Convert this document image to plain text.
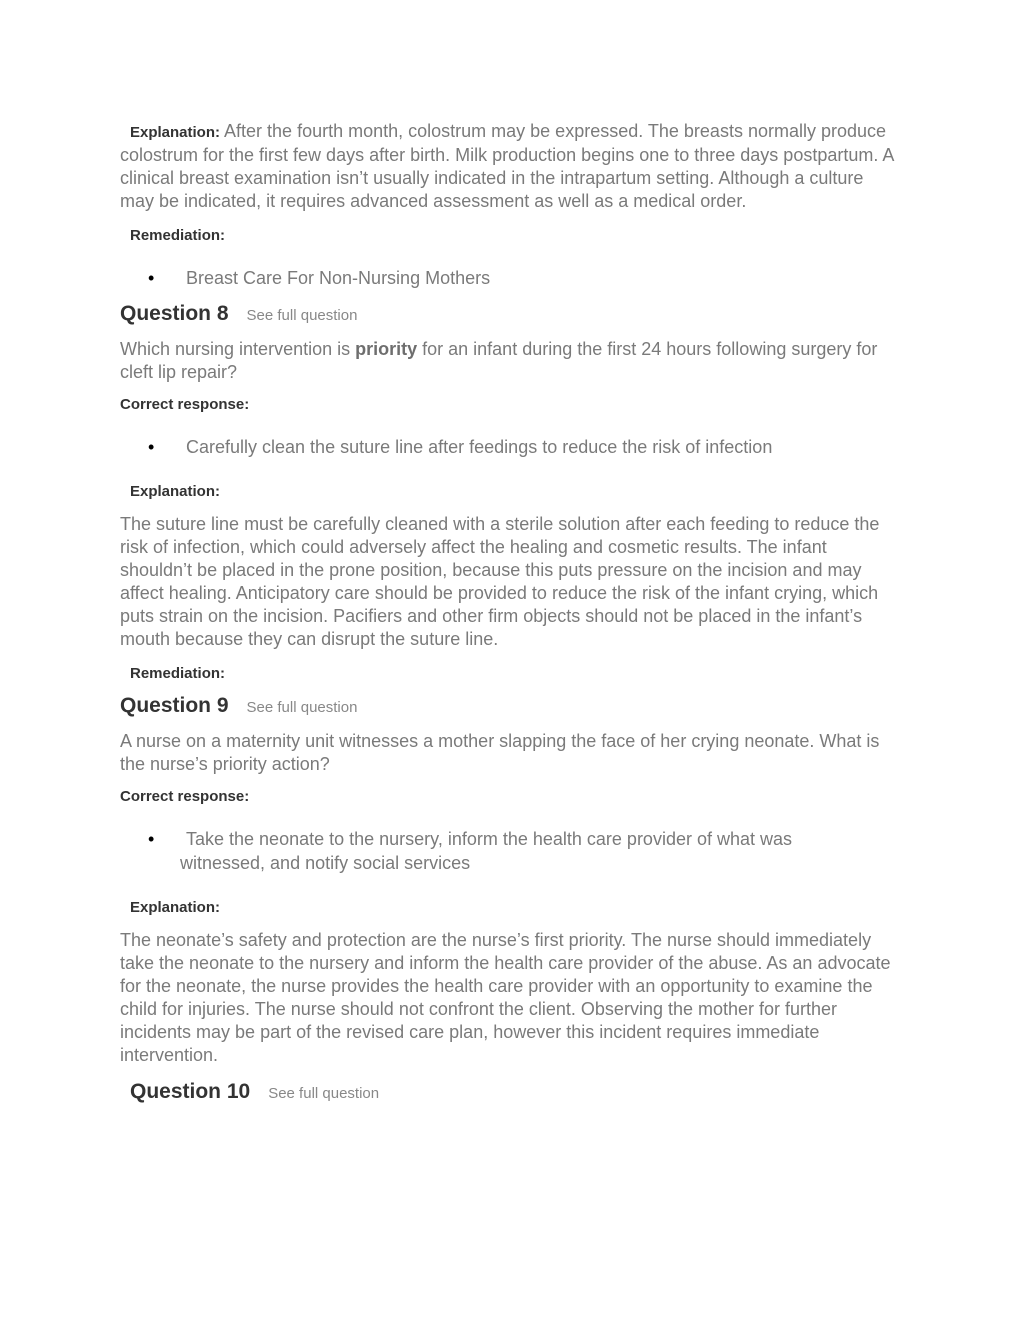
Explanation: After the fourth month, colostrum may be expressed. The breasts normally produce colostrum for the first few days after birth. Milk production begins one to three days postpartum. A clinical breast examination isn’t usually indicated in the intrapartum setting. Although a culture may be indicated, it requires advanced assessment as well as a medical order.

Remediation:
• Breast Care For Non-Nursing Mothers
Question 8 See full question

Which nursing intervention is priority for an infant during the first 24 hours following surgery for cleft lip repair?

Correct response:
• Carefully clean the suture line after feedings to reduce the risk of infection
Explanation:

The suture line must be carefully cleaned with a sterile solution after each feeding to reduce the risk of infection, which could adversely affect the healing and cosmetic results. The infant shouldn’t be placed in the prone position, because this puts pressure on the incision and may affect healing. Anticipatory care should be provided to reduce the risk of the infant crying, which puts strain on the incision. Pacifiers and other firm objects should not be placed in the infant’s mouth because they can disrupt the suture line.

Remediation:
Question 9 See full question

A nurse on a maternity unit witnesses a mother slapping the face of her crying neonate. What is the nurse’s priority action?

Correct response:
•	Take the neonate to the nursery, inform the health care provider of what was
witnessed, and notify social services
Explanation:

The neonate’s safety and protection are the nurse’s first priority. The nurse should immediately take the neonate to the nursery and inform the health care provider of the abuse. As an advocate for the neonate, the nurse provides the health care provider with an opportunity to examine the child for injuries. The nurse should not confront the client. Observing the mother for further incidents may be part of the revised care plan, however this incident requires immediate intervention.

Question 10 See full question
